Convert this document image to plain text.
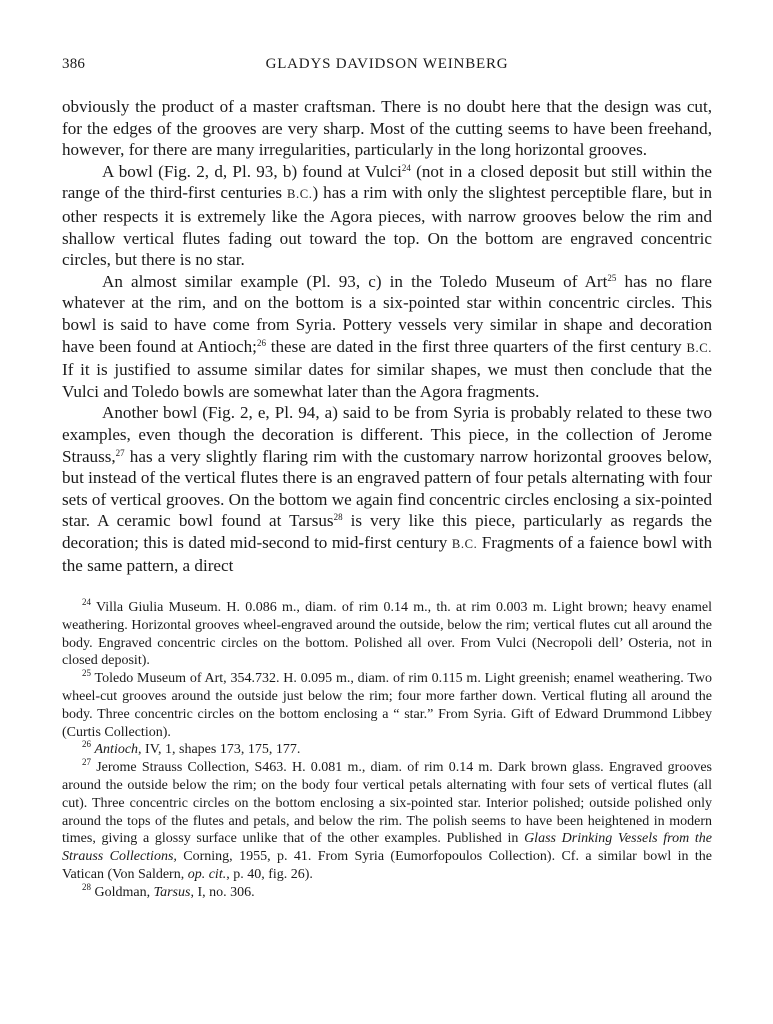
386	GLADYS DAVIDSON WEINBERG

obviously the product of a master craftsman. There is no doubt here that the design was cut, for the edges of the grooves are very sharp. Most of the cutting seems to have been freehand, however, for there are many irregularities, particularly in the long horizontal grooves.

A bowl (Fig. 2, d, Pl. 93, b) found at Vulci$^{24}$ (not in a closed deposit but still within the range of the third-first centuries B.C.) has a rim with only the slightest perceptible flare, but in other respects it is extremely like the Agora pieces, with narrow grooves below the rim and shallow vertical flutes fading out toward the top. On the bottom are engraved concentric circles, but there is no star.

An almost similar example (Pl. 93, c) in the Toledo Museum of Art$^{25}$ has no flare whatever at the rim, and on the bottom is a six-pointed star within concentric circles. This bowl is said to have come from Syria. Pottery vessels very similar in shape and decoration have been found at Antioch;$^{26}$ these are dated in the first three quarters of the first century B.C. If it is justified to assume similar dates for similar shapes, we must then conclude that the Vulci and Toledo bowls are somewhat later than the Agora fragments.

Another bowl (Fig. 2, e, Pl. 94, a) said to be from Syria is probably related to these two examples, even though the decoration is different. This piece, in the collection of Jerome Strauss,$^{27}$ has a very slightly flaring rim with the customary narrow horizontal grooves below, but instead of the vertical flutes there is an engraved pattern of four petals alternating with four sets of vertical grooves. On the bottom we again find concentric circles enclosing a six-pointed star. A ceramic bowl found at Tarsus$^{28}$ is very like this piece, particularly as regards the decoration; this is dated mid-second to mid-first century B.C. Fragments of a faience bowl with the same pattern, a direct

$^{24}$ Villa Giulia Museum. H. 0.086 m., diam. of rim 0.14 m., th. at rim 0.003 m. Light brown; heavy enamel weathering. Horizontal grooves wheel-engraved around the outside, below the rim; vertical flutes cut all around the body. Engraved concentric circles on the bottom. Polished all over. From Vulci (Necropoli dell’ Osteria, not in closed deposit).

$^{25}$ Toledo Museum of Art, 354.732. H. 0.095 m., diam. of rim 0.115 m. Light greenish; enamel weathering. Two wheel-cut grooves around the outside just below the rim; four more farther down. Vertical fluting all around the body. Three concentric circles on the bottom enclosing a “ star.” From Syria. Gift of Edward Drummond Libbey (Curtis Collection).

$^{26}$ Antioch, IV, 1, shapes 173, 175, 177.

$^{27}$ Jerome Strauss Collection, S463. H. 0.081 m., diam. of rim 0.14 m. Dark brown glass. Engraved grooves around the outside below the rim; on the body four vertical petals alternating with four sets of vertical flutes (all cut). Three concentric circles on the bottom enclosing a six-pointed star. Interior polished; outside polished only around the tops of the flutes and petals, and below the rim. The polish seems to have been heightened in modern times, giving a glossy surface unlike that of the other examples. Published in Glass Drinking Vessels from the Strauss Collections, Corning, 1955, p. 41. From Syria (Eumorfopoulos Collection). Cf. a similar bowl in the Vatican (Von Saldern, op. cit., p. 40, fig. 26).

$^{28}$ Goldman, Tarsus, I, no. 306.
